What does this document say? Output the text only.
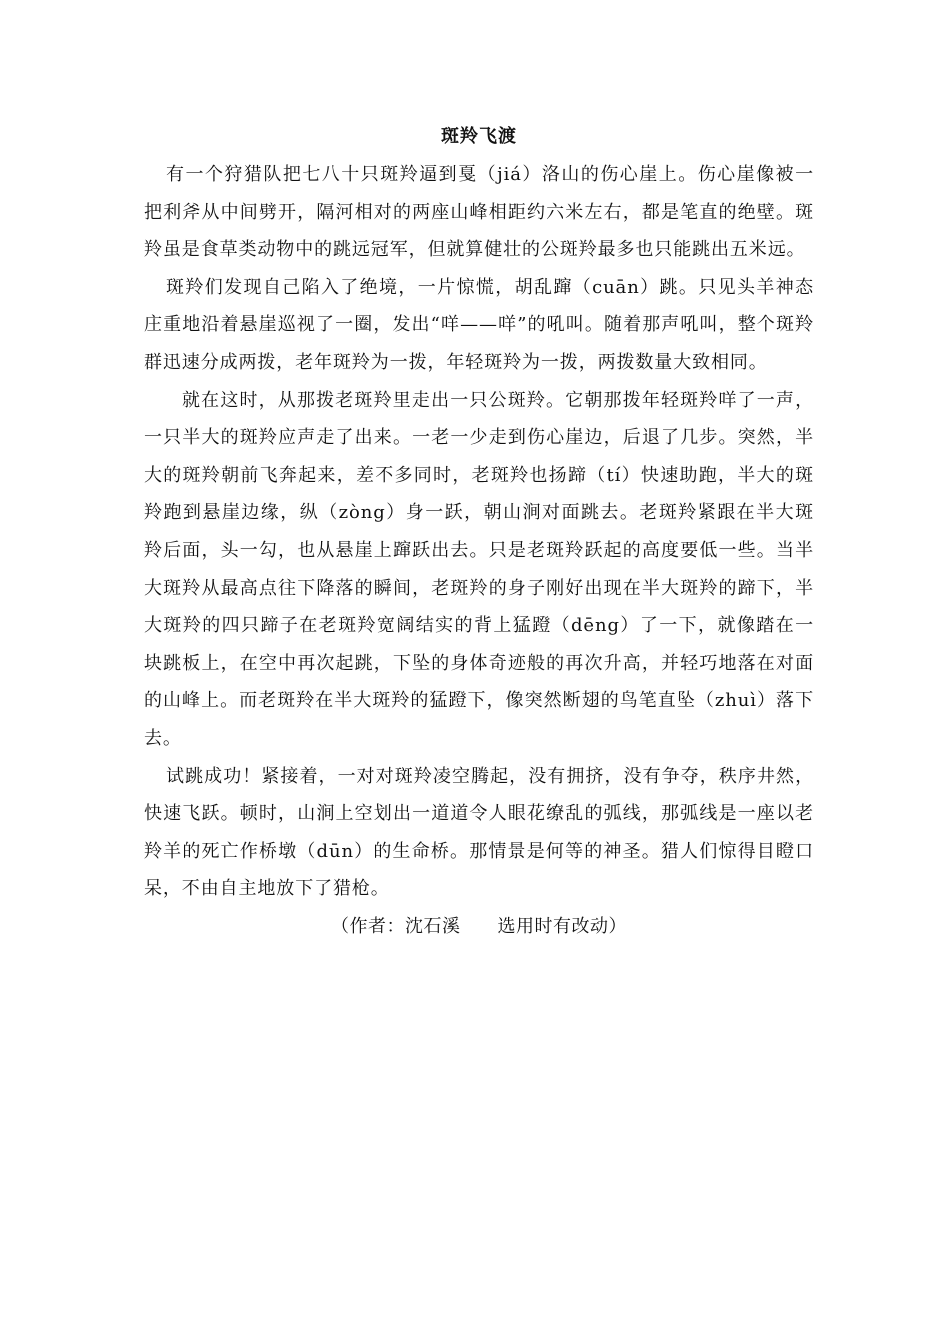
斑羚飞渡

有一个狩猎队把七八十只斑羚逼到戛（jiá）洛山的伤心崖上。伤心崖像被一把利斧从中间劈开，隔河相对的两座山峰相距约六米左右，都是笔直的绝壁。斑羚虽是食草类动物中的跳远冠军，但就算健壮的公斑羚最多也只能跳出五米远。

斑羚们发现自己陷入了绝境，一片惊慌，胡乱蹿（cuān）跳。只见头羊神态庄重地沿着悬崖巡视了一圈，发出“咩——咩”的吼叫。随着那声吼叫，整个斑羚群迅速分成两拨，老年斑羚为一拨，年轻斑羚为一拨，两拨数量大致相同。

就在这时，从那拨老斑羚里走出一只公斑羚。它朝那拨年轻斑羚咩了一声，一只半大的斑羚应声走了出来。一老一少走到伤心崖边，后退了几步。突然，半大的斑羚朝前飞奔起来，差不多同时，老斑羚也扬蹄（tí）快速助跑，半大的斑羚跑到悬崖边缘，纵（zòng）身一跃，朝山涧对面跳去。老斑羚紧跟在半大斑羚后面，头一勾，也从悬崖上蹿跃出去。只是老斑羚跃起的高度要低一些。当半大斑羚从最高点往下降落的瞬间，老斑羚的身子刚好出现在半大斑羚的蹄下，半大斑羚的四只蹄子在老斑羚宽阔结实的背上猛蹬（dēng）了一下，就像踏在一块跳板上，在空中再次起跳，下坠的身体奇迹般的再次升高，并轻巧地落在对面的山峰上。而老斑羚在半大斑羚的猛蹬下，像突然断翅的鸟笔直坠（zhuì）落下去。

试跳成功！紧接着，一对对斑羚凌空腾起，没有拥挤，没有争夺，秩序井然，快速飞跃。顿时，山涧上空划出一道道令人眼花缭乱的弧线，那弧线是一座以老羚羊的死亡作桥墩（dūn）的生命桥。那情景是何等的神圣。猎人们惊得目瞪口呆，不由自主地放下了猎枪。

（作者：沈石溪　　选用时有改动）
